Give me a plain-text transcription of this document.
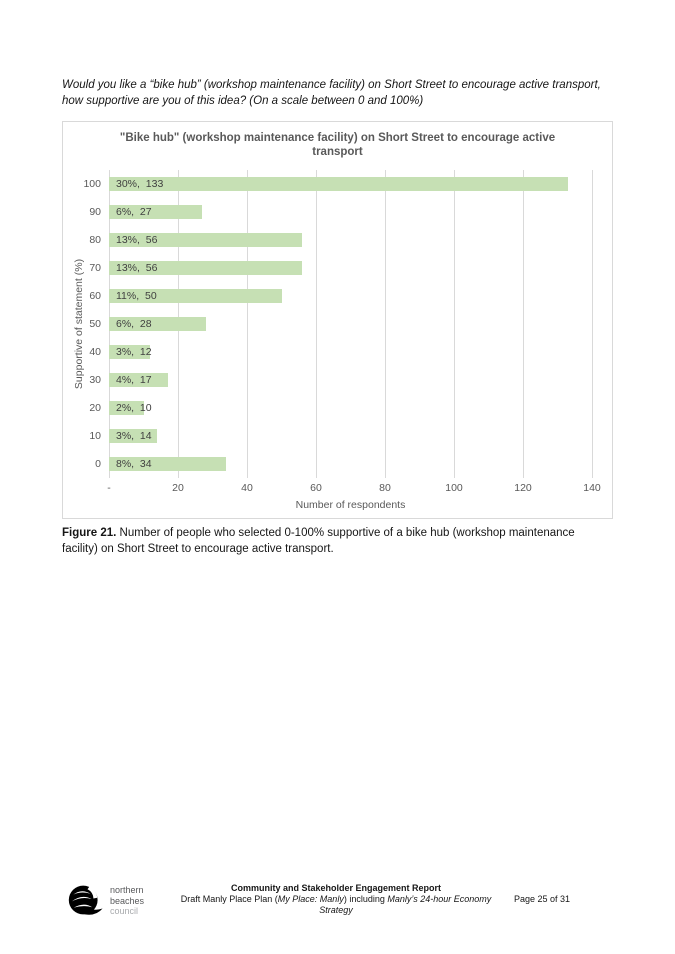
Would you like a “bike hub” (workshop maintenance facility) on Short Street to encourage active transport, how supportive are you of this idea? (On a scale between 0 and 100%)

"Bike hub" (workshop maintenance facility) on Short Street to encourage active transport
Supportive of statement (%)
100	30%,  133
90	6%,  27
80	13%,  56
70	13%,  56
60	11%,  50
50	6%,  28
40	3%,  12
30	4%,  17
20	2%,  10
10	3%,  14
0	8%,  34
-	20	40	60	80	100	120	140
Number of respondents

Figure 21. Number of people who selected 0-100% supportive of a bike hub (workshop maintenance facility) on Short Street to encourage active transport.

northern
beaches
council
Community and Stakeholder Engagement Report
Draft Manly Place Plan (My Place: Manly) including Manly’s 24-hour Economy
Strategy
Page 25 of 31
